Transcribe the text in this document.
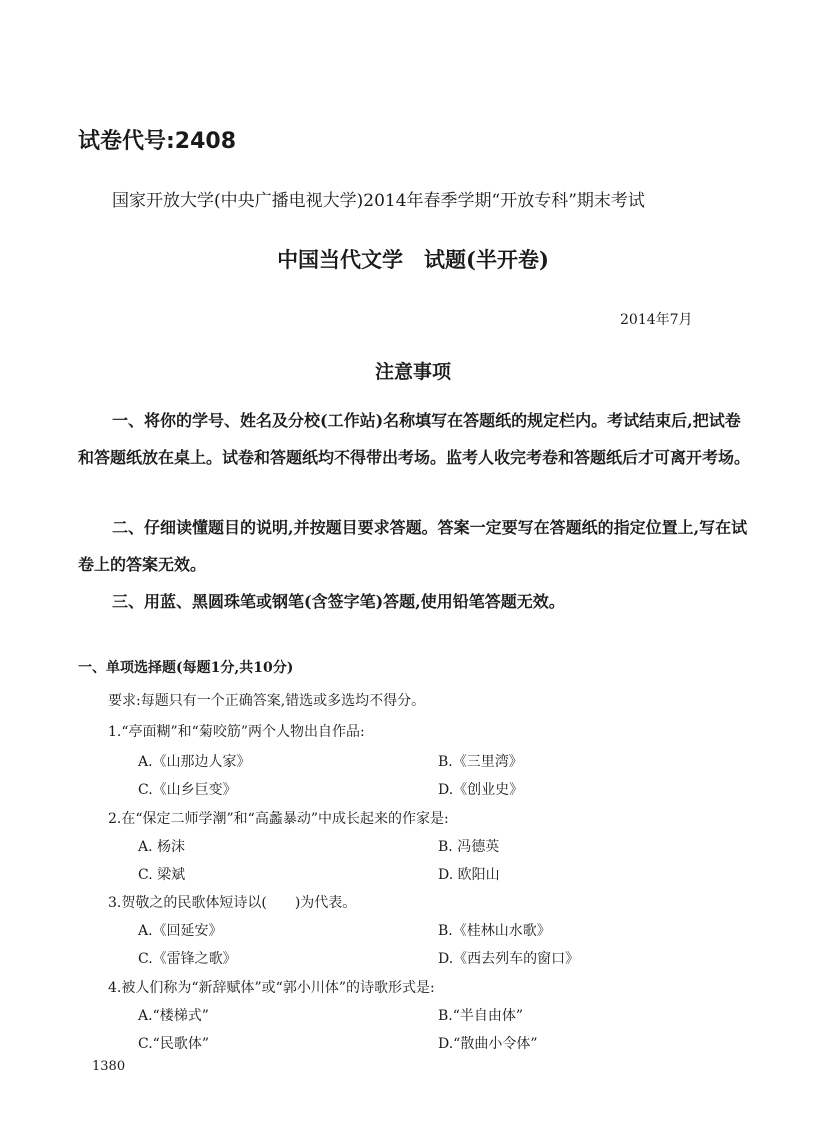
试卷代号:2408
国家开放大学(中央广播电视大学)2014年春季学期“开放专科”期末考试
中国当代文学　试题(半开卷)
2014年7月
注意事项
一、将你的学号、姓名及分校(工作站)名称填写在答题纸的规定栏内。考试结束后,把试卷和答题纸放在桌上。试卷和答题纸均不得带出考场。监考人收完考卷和答题纸后才可离开考场。
二、仔细读懂题目的说明,并按题目要求答题。答案一定要写在答题纸的指定位置上,写在试卷上的答案无效。
三、用蓝、黑圆珠笔或钢笔(含签字笔)答题,使用铅笔答题无效。
一、单项选择题(每题1分,共10分)
要求:每题只有一个正确答案,错选或多选均不得分。
1.“亭面糊”和“菊咬筋”两个人物出自作品:
A.《山那边人家》	B.《三里湾》
C.《山乡巨变》	D.《创业史》
2.在“保定二师学潮”和“高蠡暴动”中成长起来的作家是:
A. 杨沫	B. 冯德英
C. 梁斌	D. 欧阳山
3.贺敬之的民歌体短诗以(　　)为代表。
A.《回延安》	B.《桂林山水歌》
C.《雷锋之歌》	D.《西去列车的窗口》
4.被人们称为“新辞赋体”或“郭小川体”的诗歌形式是:
A.“楼梯式”	B.“半自由体”
C.“民歌体”	D.“散曲小令体”
1380
